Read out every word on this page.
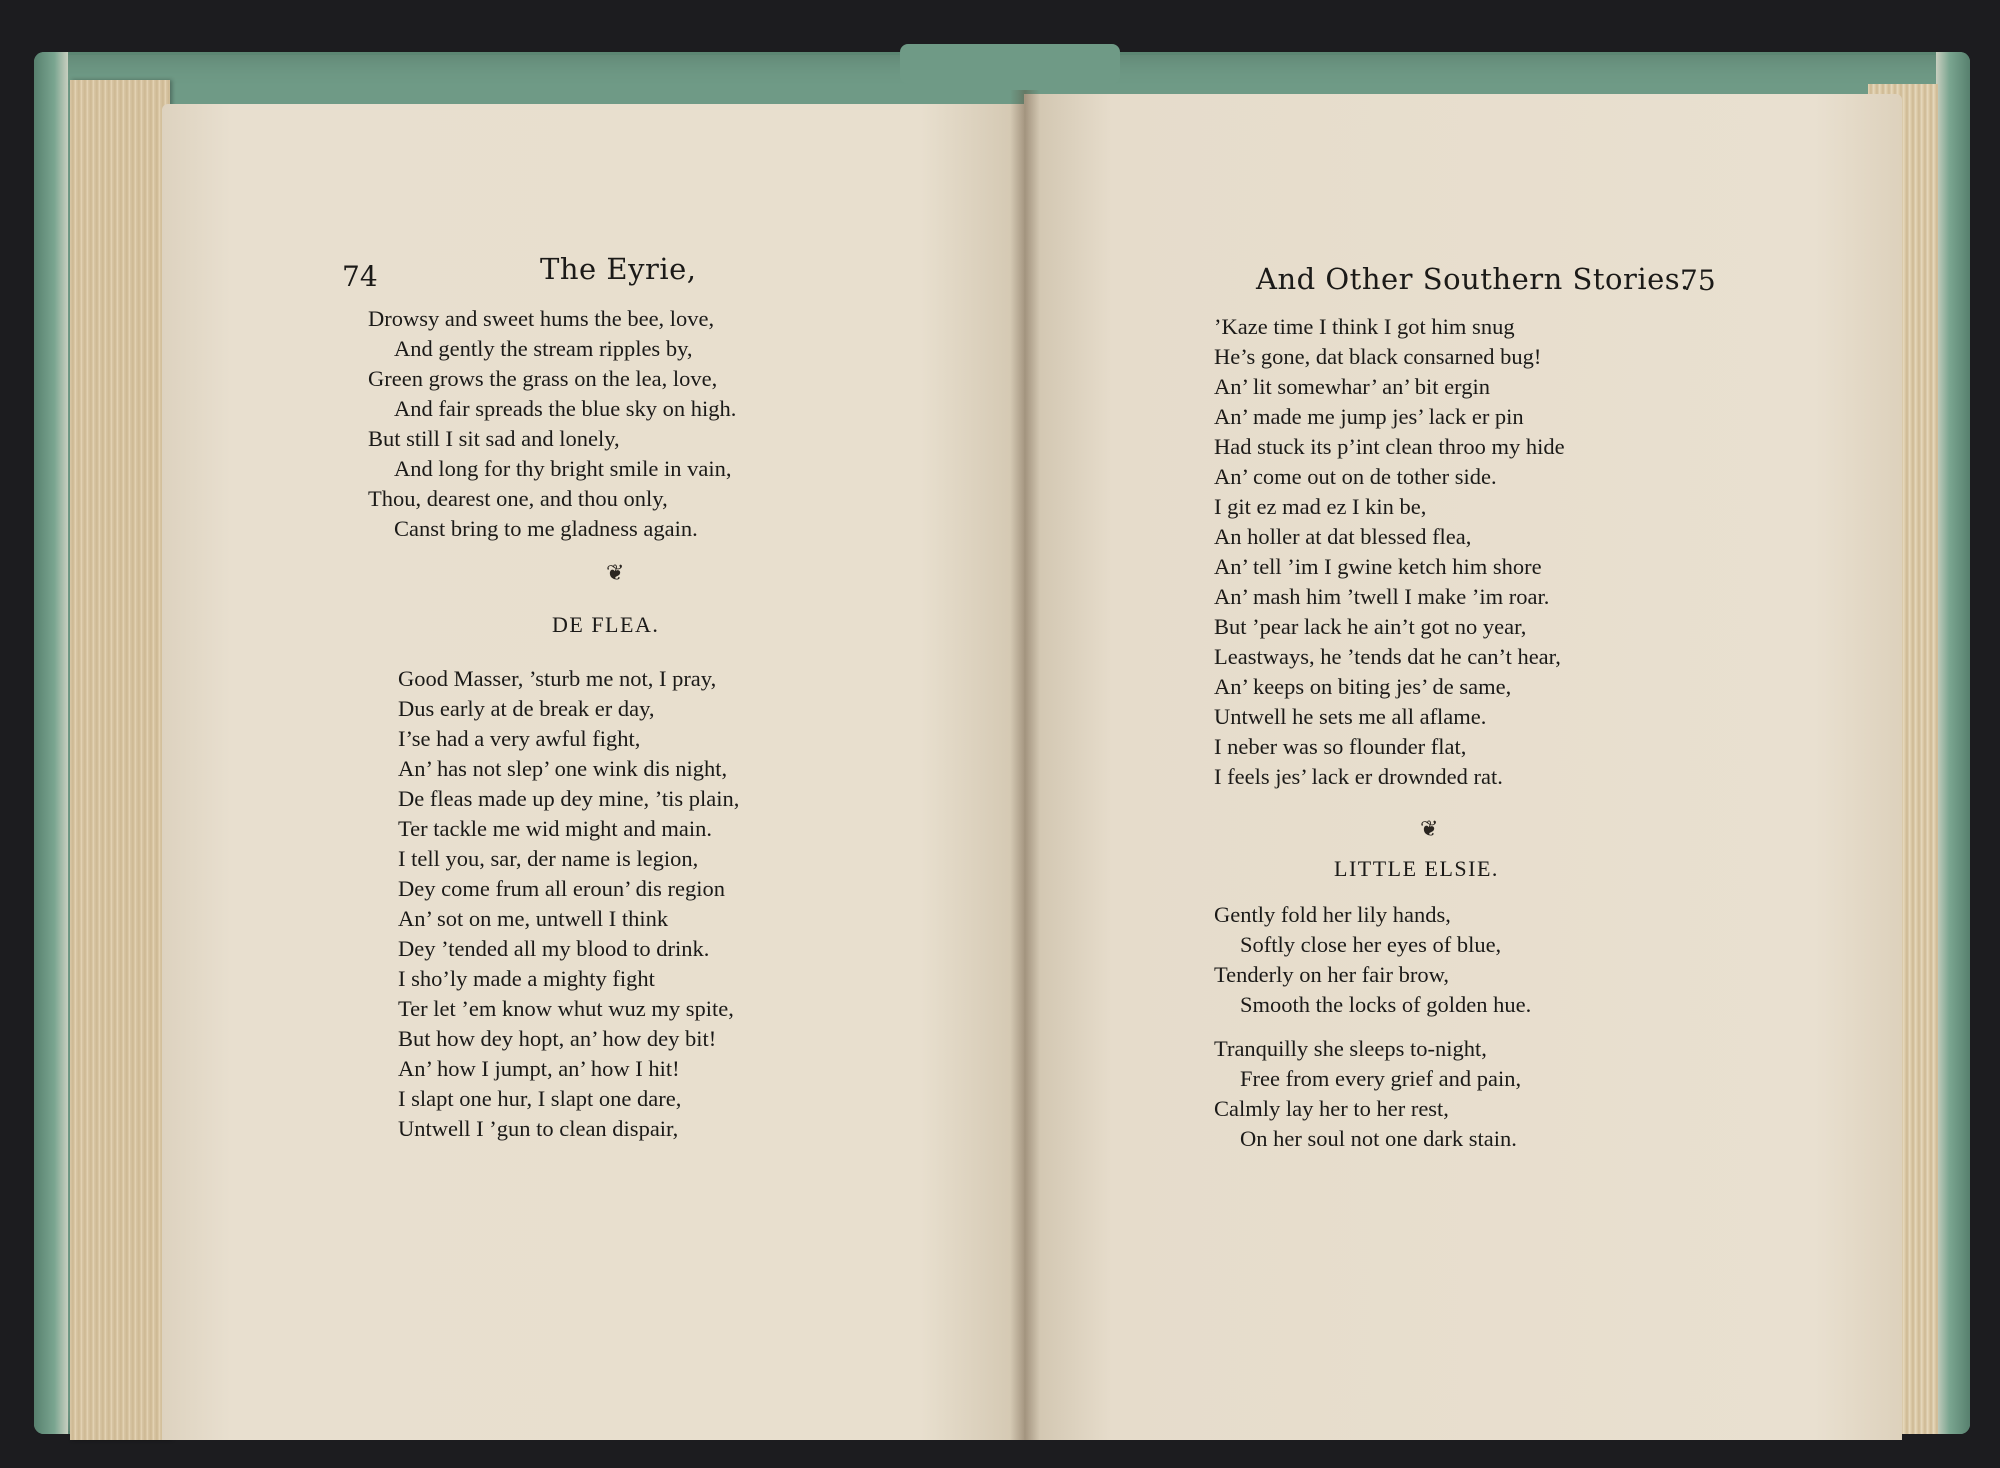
74	The Eyrie,
Drowsy and sweet hums the bee, love,
And gently the stream ripples by,
Green grows the grass on the lea, love,
And fair spreads the blue sky on high.
But still I sit sad and lonely,
And long for thy bright smile in vain,
Thou, dearest one, and thou only,
Canst bring to me gladness again.
❦
DE FLEA.
Good Masser, ’sturb me not, I pray,
Dus early at de break er day,
I’se had a very awful fight,
An’ has not slep’ one wink dis night,
De fleas made up dey mine, ’tis plain,
Ter tackle me wid might and main.
I tell you, sar, der name is legion,
Dey come frum all eroun’ dis region
An’ sot on me, untwell I think
Dey ’tended all my blood to drink.
I sho’ly made a mighty fight
Ter let ’em know whut wuz my spite,
But how dey hopt, an’ how dey bit!
An’ how I jumpt, an’ how I hit!
I slapt one hur, I slapt one dare,
Untwell I ’gun to clean dispair,
And Other Southern Stories.
75
’Kaze time I think I got him snug
He’s gone, dat black consarned bug!
An’ lit somewhar’ an’ bit ergin
An’ made me jump jes’ lack er pin
Had stuck its p’int clean throo my hide
An’ come out on de tother side.
I git ez mad ez I kin be,
An holler at dat blessed flea,
An’ tell ’im I gwine ketch him shore
An’ mash him ’twell I make ’im roar.
But ’pear lack he ain’t got no year,
Leastways, he ’tends dat he can’t hear,
An’ keeps on biting jes’ de same,
Untwell he sets me all aflame.
I neber was so flounder flat,
I feels jes’ lack er drownded rat.
❦
LITTLE ELSIE.
Gently fold her lily hands,
Softly close her eyes of blue,
Tenderly on her fair brow,
Smooth the locks of golden hue.
Tranquilly she sleeps to-night,
Free from every grief and pain,
Calmly lay her to her rest,
On her soul not one dark stain.
